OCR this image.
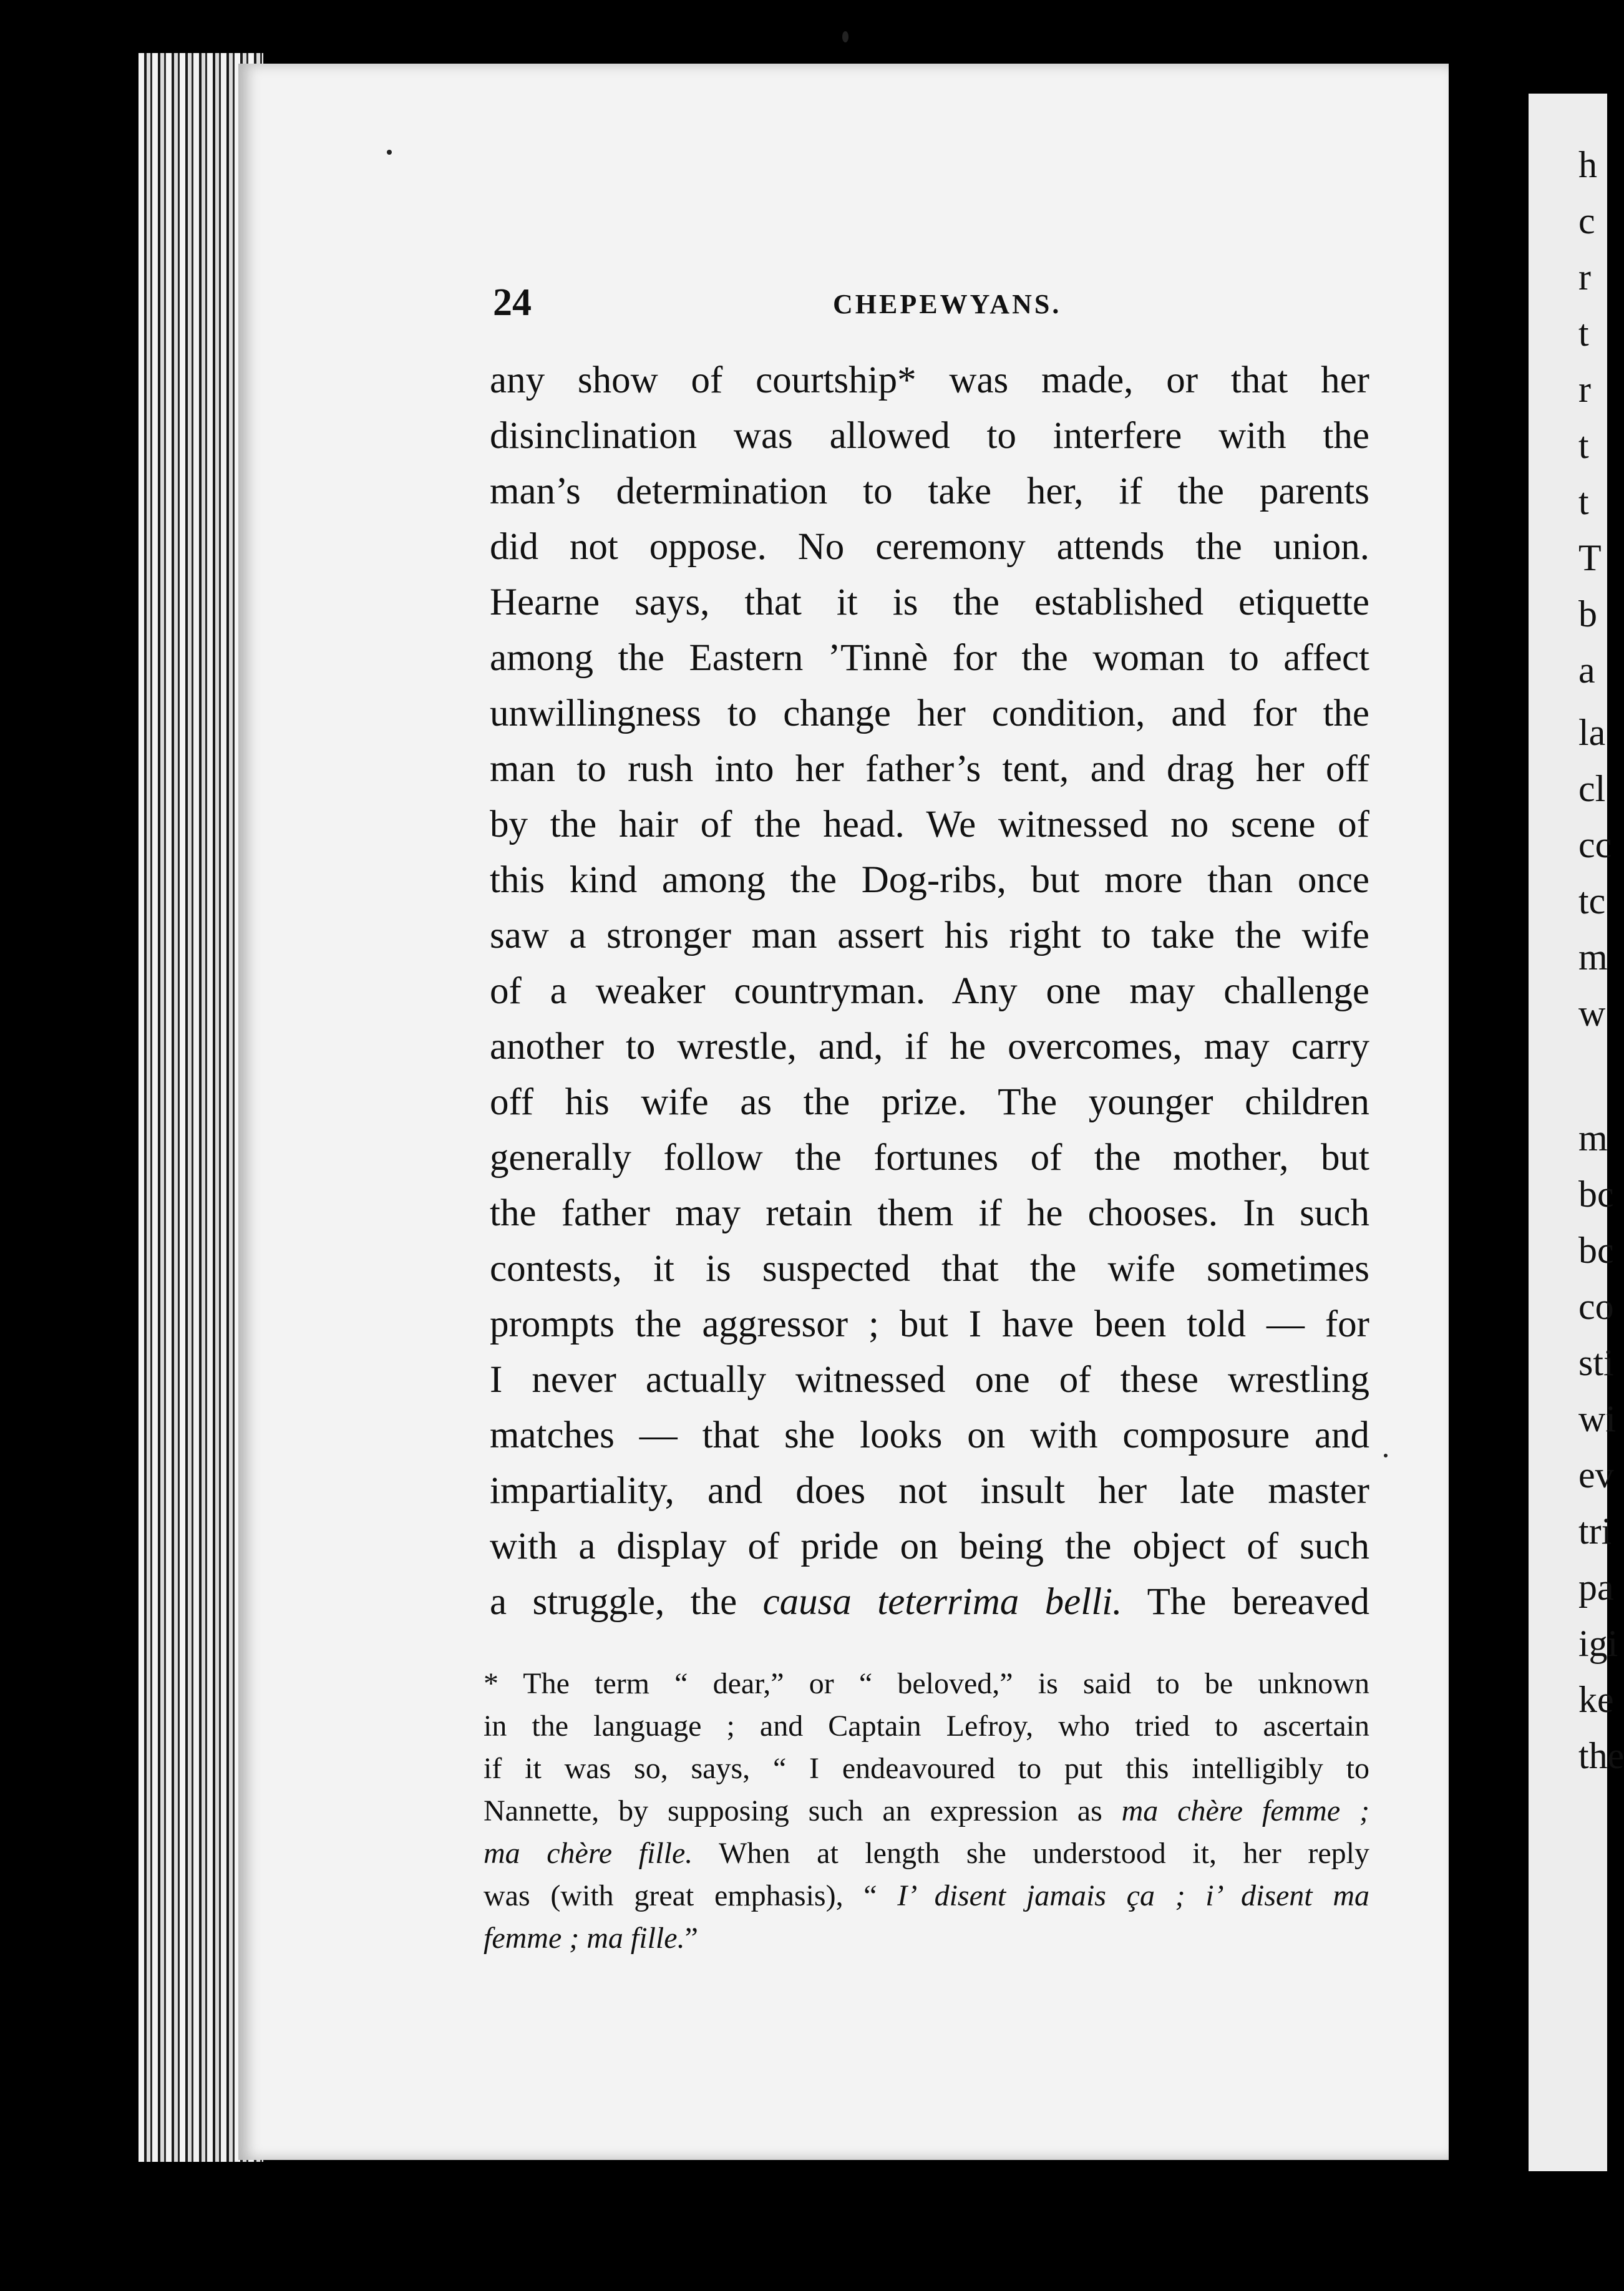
h
c
r
t
r
t
t
T
b
a
la
cl
cc
tc
m
w
m
bc
bc
co
sti
wi
ev
tri
pa
igi
ke
the
24	CHEPEWYANS.
any show of courtship* was made, or that her
disinclination was allowed to interfere with the
man’s determination to take her, if the parents
did not oppose. No ceremony attends the union.
Hearne says, that it is the established etiquette
among the Eastern ’Tinnè for the woman to affect
unwillingness to change her condition, and for the
man to rush into her father’s tent, and drag her off
by the hair of the head. We witnessed no scene of
this kind among the Dog-ribs, but more than once
saw a stronger man assert his right to take the wife
of a weaker countryman. Any one may challenge
another to wrestle, and, if he overcomes, may carry
off his wife as the prize. The younger children
generally follow the fortunes of the mother, but
the father may retain them if he chooses. In such
contests, it is suspected that the wife sometimes
prompts the aggressor ; but I have been told — for
I never actually witnessed one of these wrestling
matches — that she looks on with composure and
impartiality, and does not insult her late master
with a display of pride on being the object of such
a struggle, the causa teterrima belli. The bereaved
* The term “ dear,” or “ beloved,” is said to be unknown
in the language ; and Captain Lefroy, who tried to ascertain
if it was so, says, “ I endeavoured to put this intelligibly to
Nannette, by supposing such an expression as ma chère femme ;
ma chère fille. When at length she understood it, her reply
was (with great emphasis), “ I’ disent jamais ça ; i’ disent ma
femme ; ma fille.”
